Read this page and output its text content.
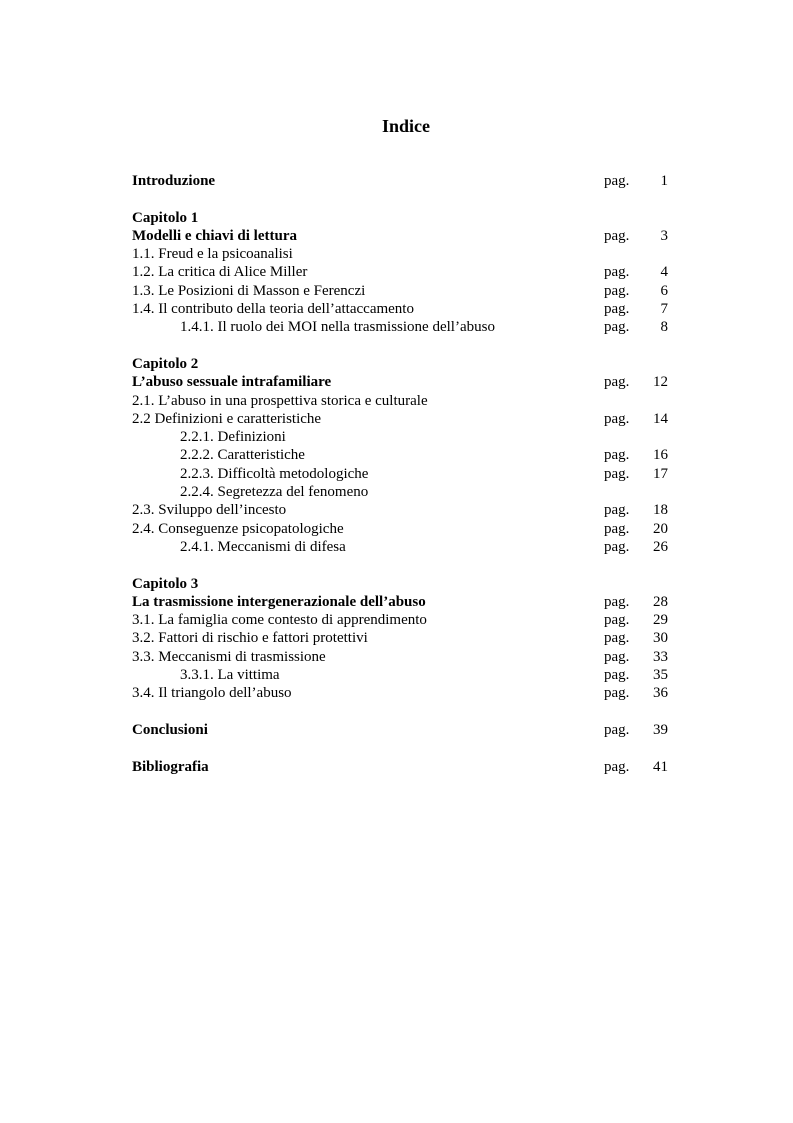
Indice
Introduzione	pag. 1
Capitolo 1
Modelli e chiavi di lettura	pag. 3
1.1. Freud e la psicoanalisi
1.2. La critica di Alice Miller	pag. 4
1.3. Le Posizioni di Masson e Ferenczi	pag. 6
1.4. Il contributo della teoria dell’attaccamento	pag. 7
1.4.1. Il ruolo dei MOI nella trasmissione dell’abuso	pag. 8
Capitolo 2
L’abuso sessuale intrafamiliare	pag. 12
2.1. L’abuso in una prospettiva storica e culturale
2.2 Definizioni e caratteristiche	pag. 14
2.2.1. Definizioni
2.2.2. Caratteristiche	pag. 16
2.2.3. Difficoltà metodologiche	pag. 17
2.2.4. Segretezza del fenomeno
2.3. Sviluppo dell’incesto	pag. 18
2.4. Conseguenze psicopatologiche	pag. 20
2.4.1. Meccanismi di difesa	pag. 26
Capitolo 3
La trasmissione intergenerazionale dell’abuso	pag. 28
3.1. La famiglia come contesto di apprendimento	pag. 29
3.2. Fattori di rischio e fattori protettivi	pag. 30
3.3. Meccanismi di trasmissione	pag. 33
3.3.1. La vittima	pag. 35
3.4. Il triangolo dell’abuso	pag. 36
Conclusioni	pag. 39
Bibliografia	pag. 41
